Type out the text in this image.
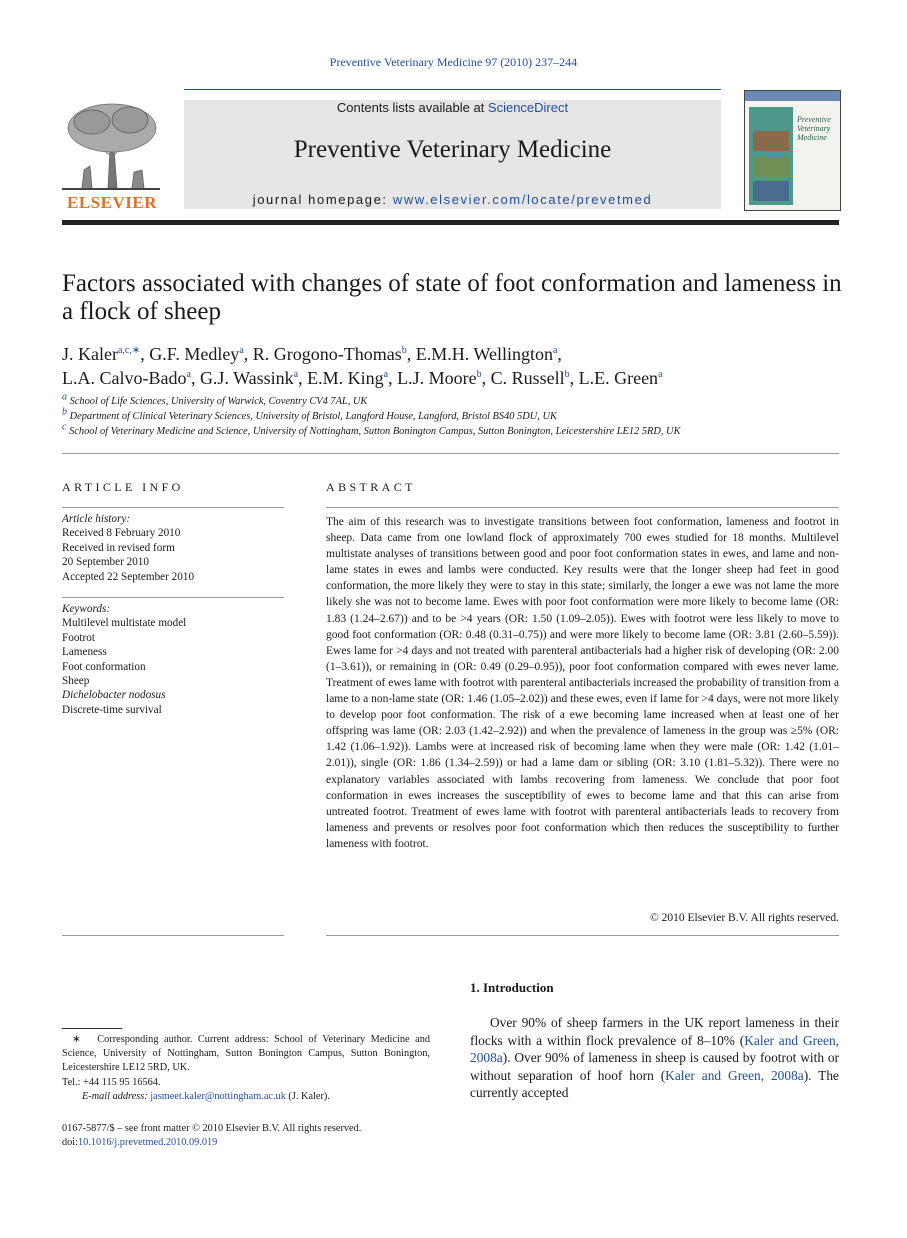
Preventive Veterinary Medicine 97 (2010) 237–244
ELSEVIER
Contents lists available at ScienceDirect
Preventive Veterinary Medicine
journal homepage: www.elsevier.com/locate/prevetmed
Preventive
Veterinary
Medicine
Factors associated with changes of state of foot conformation and lameness in a flock of sheep
J. Kaler$^{a,c,∗}$, G.F. Medley$^a$, R. Grogono-Thomas$^b$, E.M.H. Wellington$^a$,
L.A. Calvo-Bado$^a$, G.J. Wassink$^a$, E.M. King$^a$, L.J. Moore$^b$, C. Russell$^b$, L.E. Green$^a$
$^a$ School of Life Sciences, University of Warwick, Coventry CV4 7AL, UK
$^b$ Department of Clinical Veterinary Sciences, University of Bristol, Langford House, Langford, Bristol BS40 5DU, UK
$^c$ School of Veterinary Medicine and Science, University of Nottingham, Sutton Bonington Campus, Sutton Bonington, Leicestershire LE12 5RD, UK
ARTICLE INFO
Article history:
Received 8 February 2010
Received in revised form
20 September 2010
Accepted 22 September 2010
Keywords:
Multilevel multistate model
Footrot
Lameness
Foot conformation
Sheep
Dichelobacter nodosus
Discrete-time survival
ABSTRACT
The aim of this research was to investigate transitions between foot conformation, lameness and footrot in sheep. Data came from one lowland flock of approximately 700 ewes studied for 18 months. Multilevel multistate analyses of transitions between good and poor foot conformation states in ewes, and lame and non-lame states in ewes and lambs were conducted. Key results were that the longer sheep had feet in good conformation, the more likely they were to stay in this state; similarly, the longer a ewe was not lame the more likely she was not to become lame. Ewes with poor foot conformation were more likely to become lame (OR: 1.83 (1.24–2.67)) and to be >4 years (OR: 1.50 (1.09–2.05)). Ewes with footrot were less likely to move to good foot conformation (OR: 0.48 (0.31–0.75)) and were more likely to become lame (OR: 3.81 (2.60–5.59)). Ewes lame for >4 days and not treated with parenteral antibacterials had a higher risk of developing (OR: 2.00 (1–3.61)), or remaining in (OR: 0.49 (0.29–0.95)), poor foot conformation compared with ewes never lame. Treatment of ewes lame with footrot with parenteral antibacterials increased the probability of transition from a lame to a non-lame state (OR: 1.46 (1.05–2.02)) and these ewes, even if lame for >4 days, were not more likely to develop poor foot conformation. The risk of a ewe becoming lame increased when at least one of her offspring was lame (OR: 2.03 (1.42–2.92)) and when the prevalence of lameness in the group was ≥5% (OR: 1.42 (1.06–1.92)). Lambs were at increased risk of becoming lame when they were male (OR: 1.42 (1.01–2.01)), single (OR: 1.86 (1.34–2.59)) or had a lame dam or sibling (OR: 3.10 (1.81–5.32)). There were no explanatory variables associated with lambs recovering from lameness. We conclude that poor foot conformation in ewes increases the susceptibility of ewes to become lame and that this can arise from untreated footrot. Treatment of ewes lame with footrot with parenteral antibacterials leads to recovery from lameness and prevents or resolves poor foot conformation which then reduces the susceptibility to further lameness with footrot.
© 2010 Elsevier B.V. All rights reserved.
1. Introduction
Over 90% of sheep farmers in the UK report lameness in their flocks with a within flock prevalence of 8–10% (Kaler and Green, 2008a). Over 90% of lameness in sheep is caused by footrot with or without separation of hoof horn (Kaler and Green, 2008a). The currently accepted
∗ Corresponding author. Current address: School of Veterinary Medicine and Science, University of Nottingham, Sutton Bonington Campus, Sutton Bonington, Leicestershire LE12 5RD, UK.
Tel.: +44 115 95 16564.
E-mail address: jasmeet.kaler@nottingham.ac.uk (J. Kaler).
0167-5877/$ – see front matter © 2010 Elsevier B.V. All rights reserved.
doi:10.1016/j.prevetmed.2010.09.019
